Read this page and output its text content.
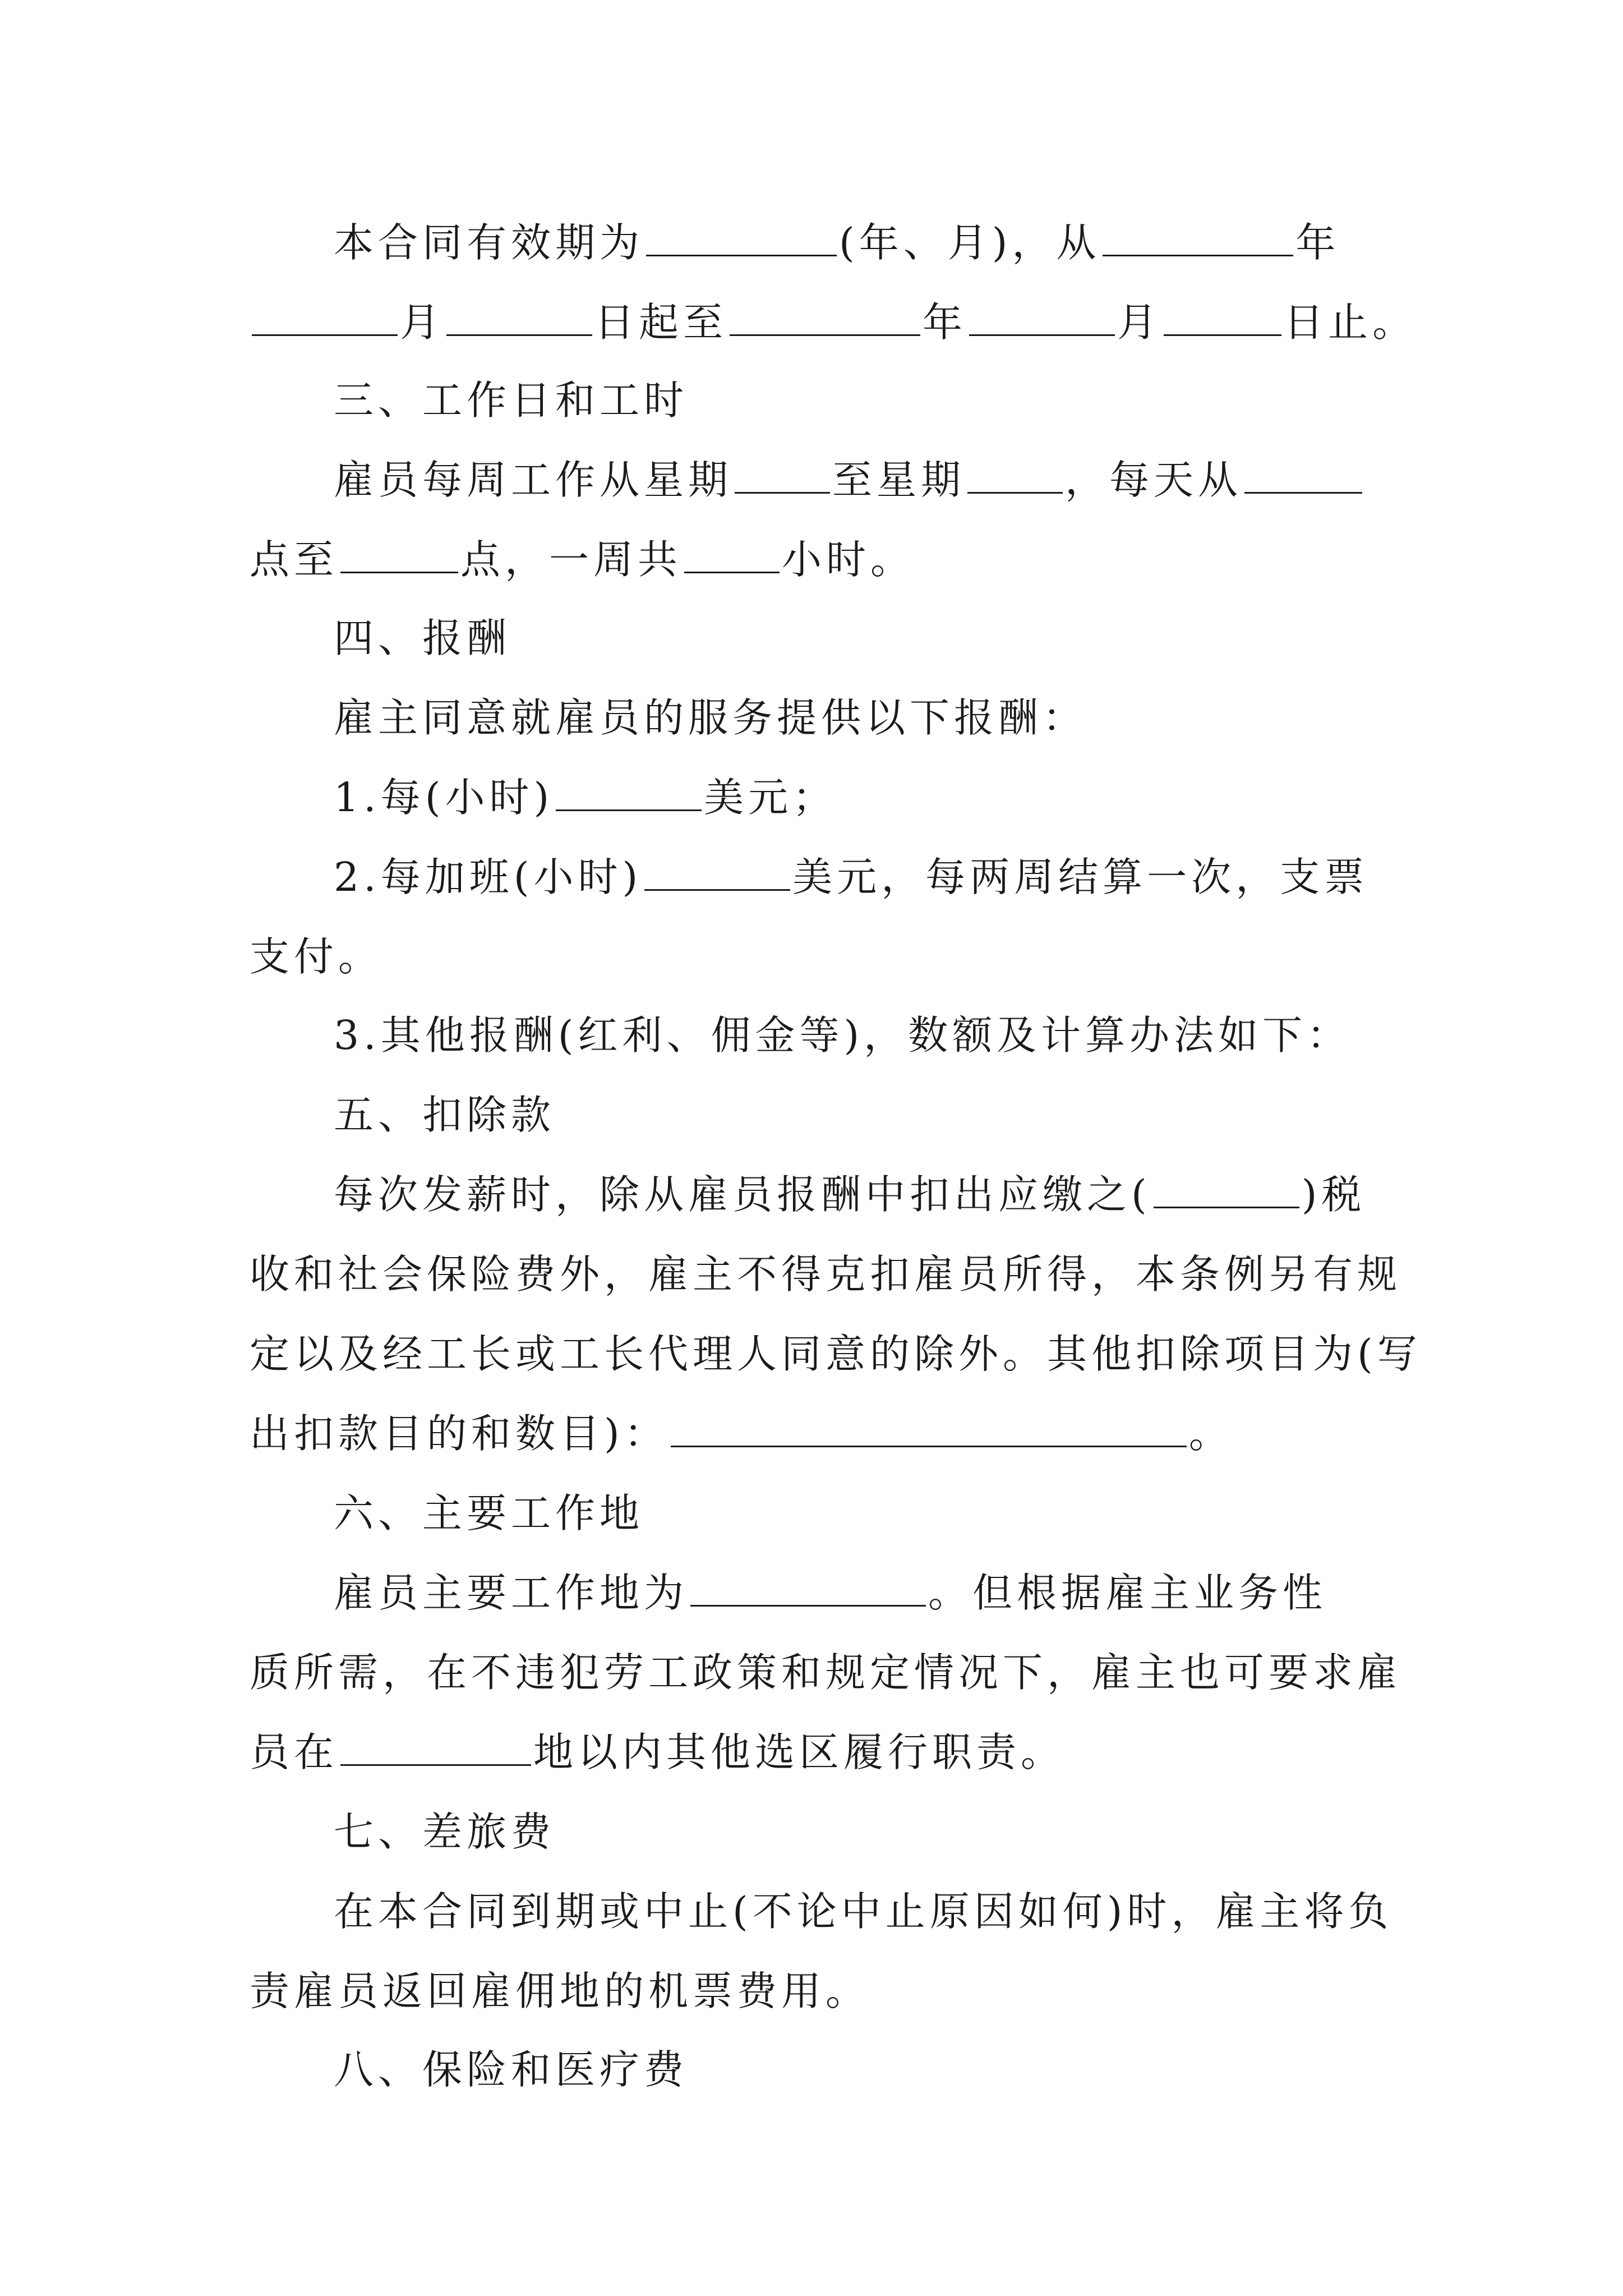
本合同有效期为	(年、月)，从	年
月	日起至	年	月	日止。
三、工作日和工时
雇员每周工作从星期	至星期	，每天从
点至	点，一周共	小时。
四、报酬
雇主同意就雇员的服务提供以下报酬：
1.每(小时)	美元；
2.每加班(小时)	美元，每两周结算一次，支票
支付。
3.其他报酬(红利、佣金等)，数额及计算办法如下：
五、扣除款
每次发薪时，除从雇员报酬中扣出应缴之(	)税
收和社会保险费外，雇主不得克扣雇员所得，本条例另有规
定以及经工长或工长代理人同意的除外。其他扣除项目为(写
出扣款目的和数目)：	。
六、主要工作地
雇员主要工作地为	。但根据雇主业务性
质所需，在不违犯劳工政策和规定情况下，雇主也可要求雇
员在	地以内其他选区履行职责。
七、差旅费
在本合同到期或中止(不论中止原因如何)时，雇主将负
责雇员返回雇佣地的机票费用。
八、保险和医疗费
